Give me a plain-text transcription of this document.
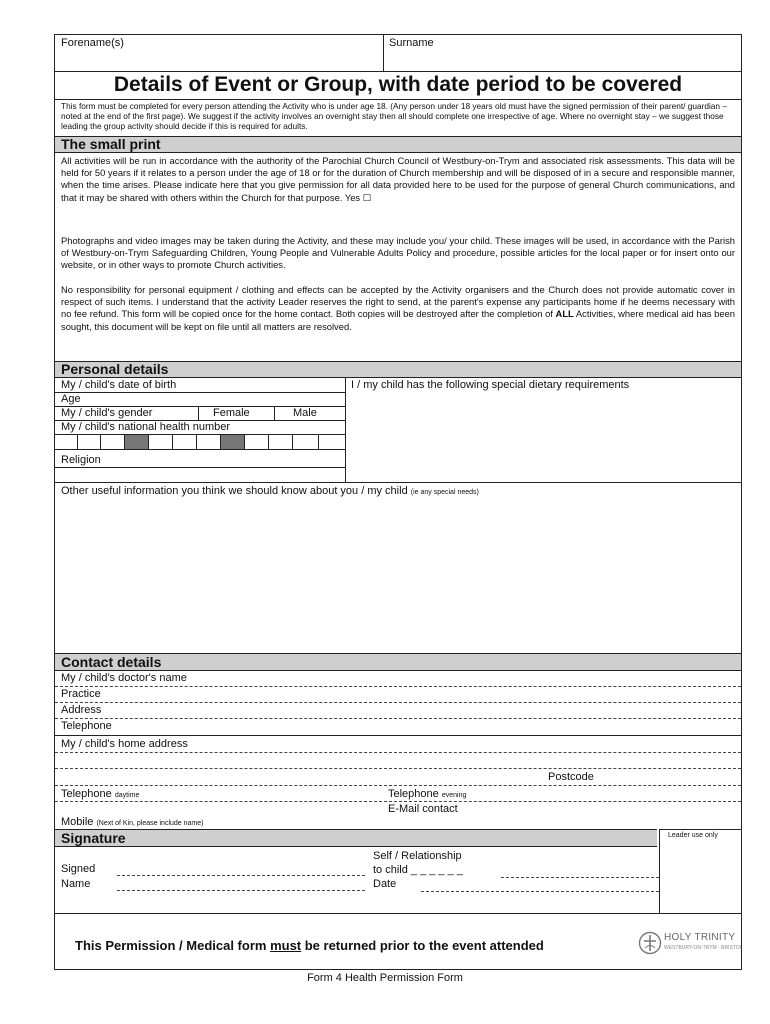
Forename(s)	Surname
Details of Event or Group, with date period to be covered
This form must be completed for every person attending the Activity who is under age 18. (Any person under 18 years old must have the signed permission of their parent/ guardian – noted at the end of the first page). We suggest if the activity involves an overnight stay then all should complete one irrespective of age. Where no overnight stay – we suggest those leading the group activity should decide if this is required for adults.
The small print
All activities will be run in accordance with the authority of the Parochial Church Council of Westbury-on-Trym and associated risk assessments. This data will be held for 50 years if it relates to a person under the age of 18 or for the duration of Church membership and will be disposed of in a secure and responsible manner, when the time arises. Please indicate here that you give permission for all data provided here to be used for the purpose of general Church communications, and that it may be shared with others within the Church for that purpose. Yes ☐
Photographs and video images may be taken during the Activity, and these may include you/ your child. These images will be used, in accordance with the Parish of Westbury-on-Trym Safeguarding Children, Young People and Vulnerable Adults Policy and procedure, possible articles for the local paper or for insert onto our website, or in other ways to promote Church activities.
No responsibility for personal equipment / clothing and effects can be accepted by the Activity organisers and the Church does not provide automatic cover in respect of such items. I understand that the activity Leader reserves the right to send, at the parent's expense any participants home if he deems necessary with no fee refund. This form will be copied once for the home contact. Both copies will be destroyed after the completion of ALL Activities, where medical aid has been sought, this document will be kept on file until all matters are resolved.
Personal details
My / child's date of birth
Age
My / child's gender	Female	Male
My / child's national health number
Religion
I / my child has the following special dietary requirements
Other useful information you think we should know about you / my child (ie any special needs)
Contact details
My / child's doctor's name
Practice
Address
Telephone
My / child's home address
Postcode
Telephone daytime	Telephone evening
E-Mail contact
Mobile (Next of Kin, please include name)
Signature	Leader use only
Signed
Name
Self / Relationship
to child _ _ _ _ _ _
Date
This Permission / Medical form must be returned prior to the event attended
HOLY TRINITY
WESTBURY-ON-TRYM · BRISTOL
Form 4 Health Permission Form
